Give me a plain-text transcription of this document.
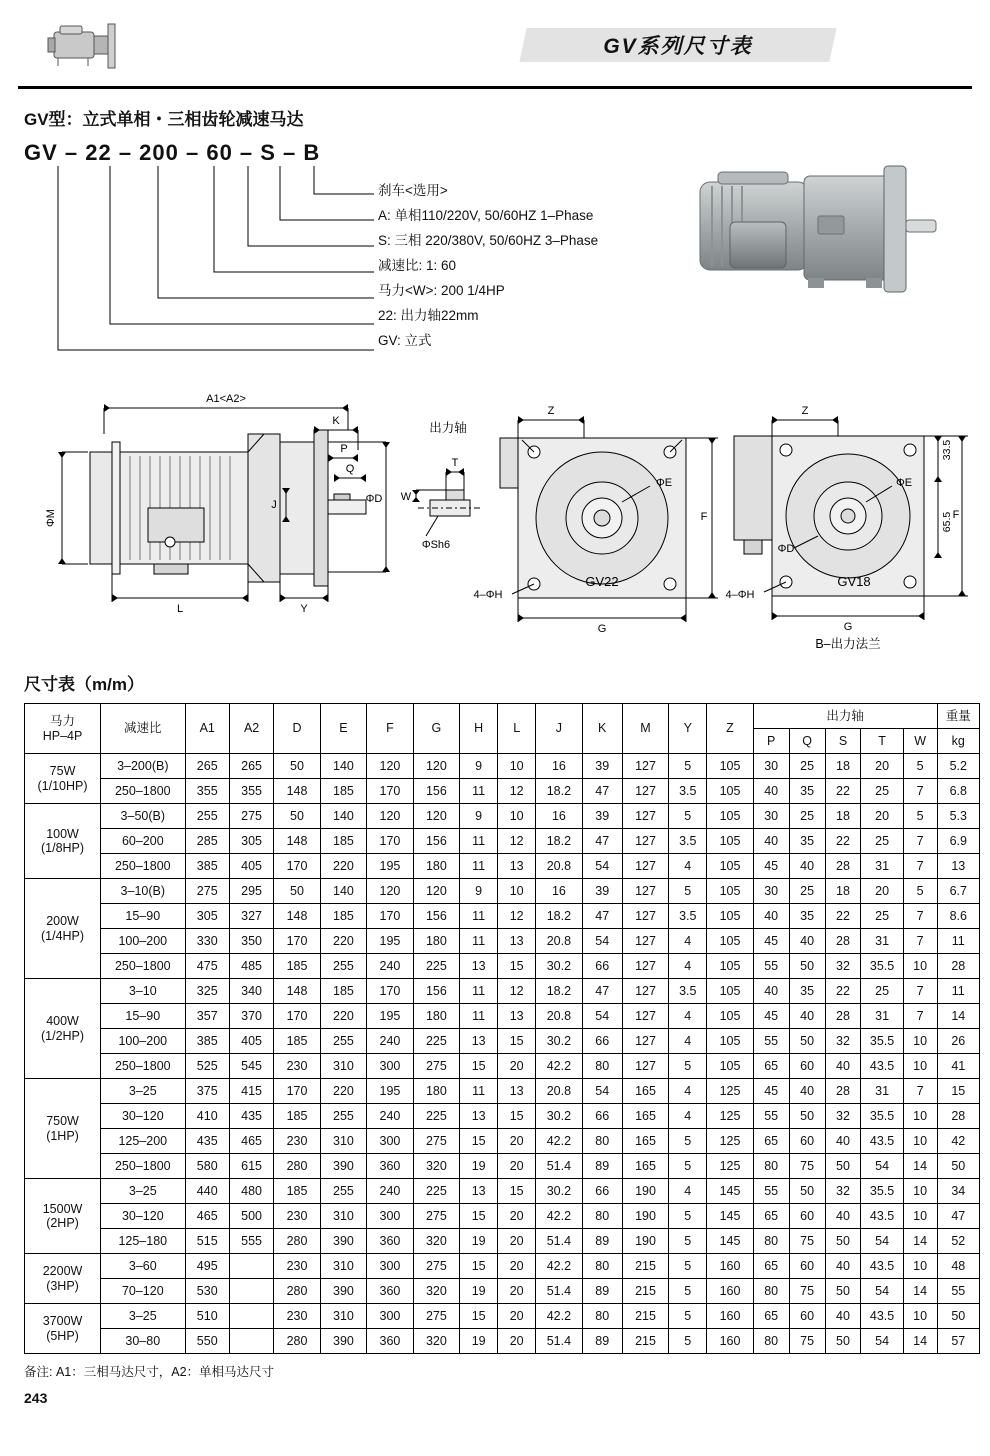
GV系列尺寸表
GV型：立式单相・三相齿轮减速马达
GV – 22 – 200 – 60 – S – B
刹车<选用>
A: 单相110/220V, 50/60HZ 1–Phase
S: 三相 220/380V, 50/60HZ 3–Phase
减速比: 1: 60
马力<W>: 200 1/4HP
22: 出力轴22mm
GV: 立式
ΦM
K
P
Q
ΦD
J
L	Y
A1<A2>
出力轴
T
W
ΦSh6
Z
ΦE
F
G
4–ΦH
GV22
Z
ΦD
ΦE
33.5
65.5 F
G
4–ΦH
GV18
B–出力法兰
尺寸表（m/m）
马力
HP–4P	减速比	A1	A2	D	E	F	G	H	L	J	K	M	Y	Z	出力轴					重量
															P	Q	S	T	W	kg

75W
(1/10HP)	3–200(B)	265	265	50	140	120	120	9	10	16	39	127	5	105	30	25	18	20	5	5.2
	250–1800	355	355	148	185	170	156	11	12	18.2	47	127	3.5	105	40	35	22	25	7	6.8

100W
(1/8HP)	3–50(B)	255	275	50	140	120	120	9	10	16	39	127	5	105	30	25	18	20	5	5.3
	60–200	285	305	148	185	170	156	11	12	18.2	47	127	3.5	105	40	35	22	25	7	6.9
	250–1800	385	405	170	220	195	180	11	13	20.8	54	127	4	105	45	40	28	31	7	13

200W
(1/4HP)	3–10(B)	275	295	50	140	120	120	9	10	16	39	127	5	105	30	25	18	20	5	6.7
	15–90	305	327	148	185	170	156	11	12	18.2	47	127	3.5	105	40	35	22	25	7	8.6
	100–200	330	350	170	220	195	180	11	13	20.8	54	127	4	105	45	40	28	31	7	11
	250–1800	475	485	185	255	240	225	13	15	30.2	66	127	4	105	55	50	32	35.5	10	28

400W
(1/2HP)	3–10	325	340	148	185	170	156	11	12	18.2	47	127	3.5	105	40	35	22	25	7	11
	15–90	357	370	170	220	195	180	11	13	20.8	54	127	4	105	45	40	28	31	7	14
	100–200	385	405	185	255	240	225	13	15	30.2	66	127	4	105	55	50	32	35.5	10	26
	250–1800	525	545	230	310	300	275	15	20	42.2	80	127	5	105	65	60	40	43.5	10	41

750W
(1HP)	3–25	375	415	170	220	195	180	11	13	20.8	54	165	4	125	45	40	28	31	7	15
	30–120	410	435	185	255	240	225	13	15	30.2	66	165	4	125	55	50	32	35.5	10	28
	125–200	435	465	230	310	300	275	15	20	42.2	80	165	5	125	65	60	40	43.5	10	42
	250–1800	580	615	280	390	360	320	19	20	51.4	89	165	5	125	80	75	50	54	14	50

1500W
(2HP)	3–25	440	480	185	255	240	225	13	15	30.2	66	190	4	145	55	50	32	35.5	10	34
	30–120	465	500	230	310	300	275	15	20	42.2	80	190	5	145	65	60	40	43.5	10	47
	125–180	515	555	280	390	360	320	19	20	51.4	89	190	5	145	80	75	50	54	14	52

2200W
(3HP)	3–60	495		230	310	300	275	15	20	42.2	80	215	5	160	65	60	40	43.5	10	48
	70–120	530		280	390	360	320	19	20	51.4	89	215	5	160	80	75	50	54	14	55

3700W
(5HP)	3–25	510		230	310	300	275	15	20	42.2	80	215	5	160	65	60	40	43.5	10	50
	30–80	550		280	390	360	320	19	20	51.4	89	215	5	160	80	75	50	54	14	57
备注: A1：三相马达尺寸，A2：单相马达尺寸
243
